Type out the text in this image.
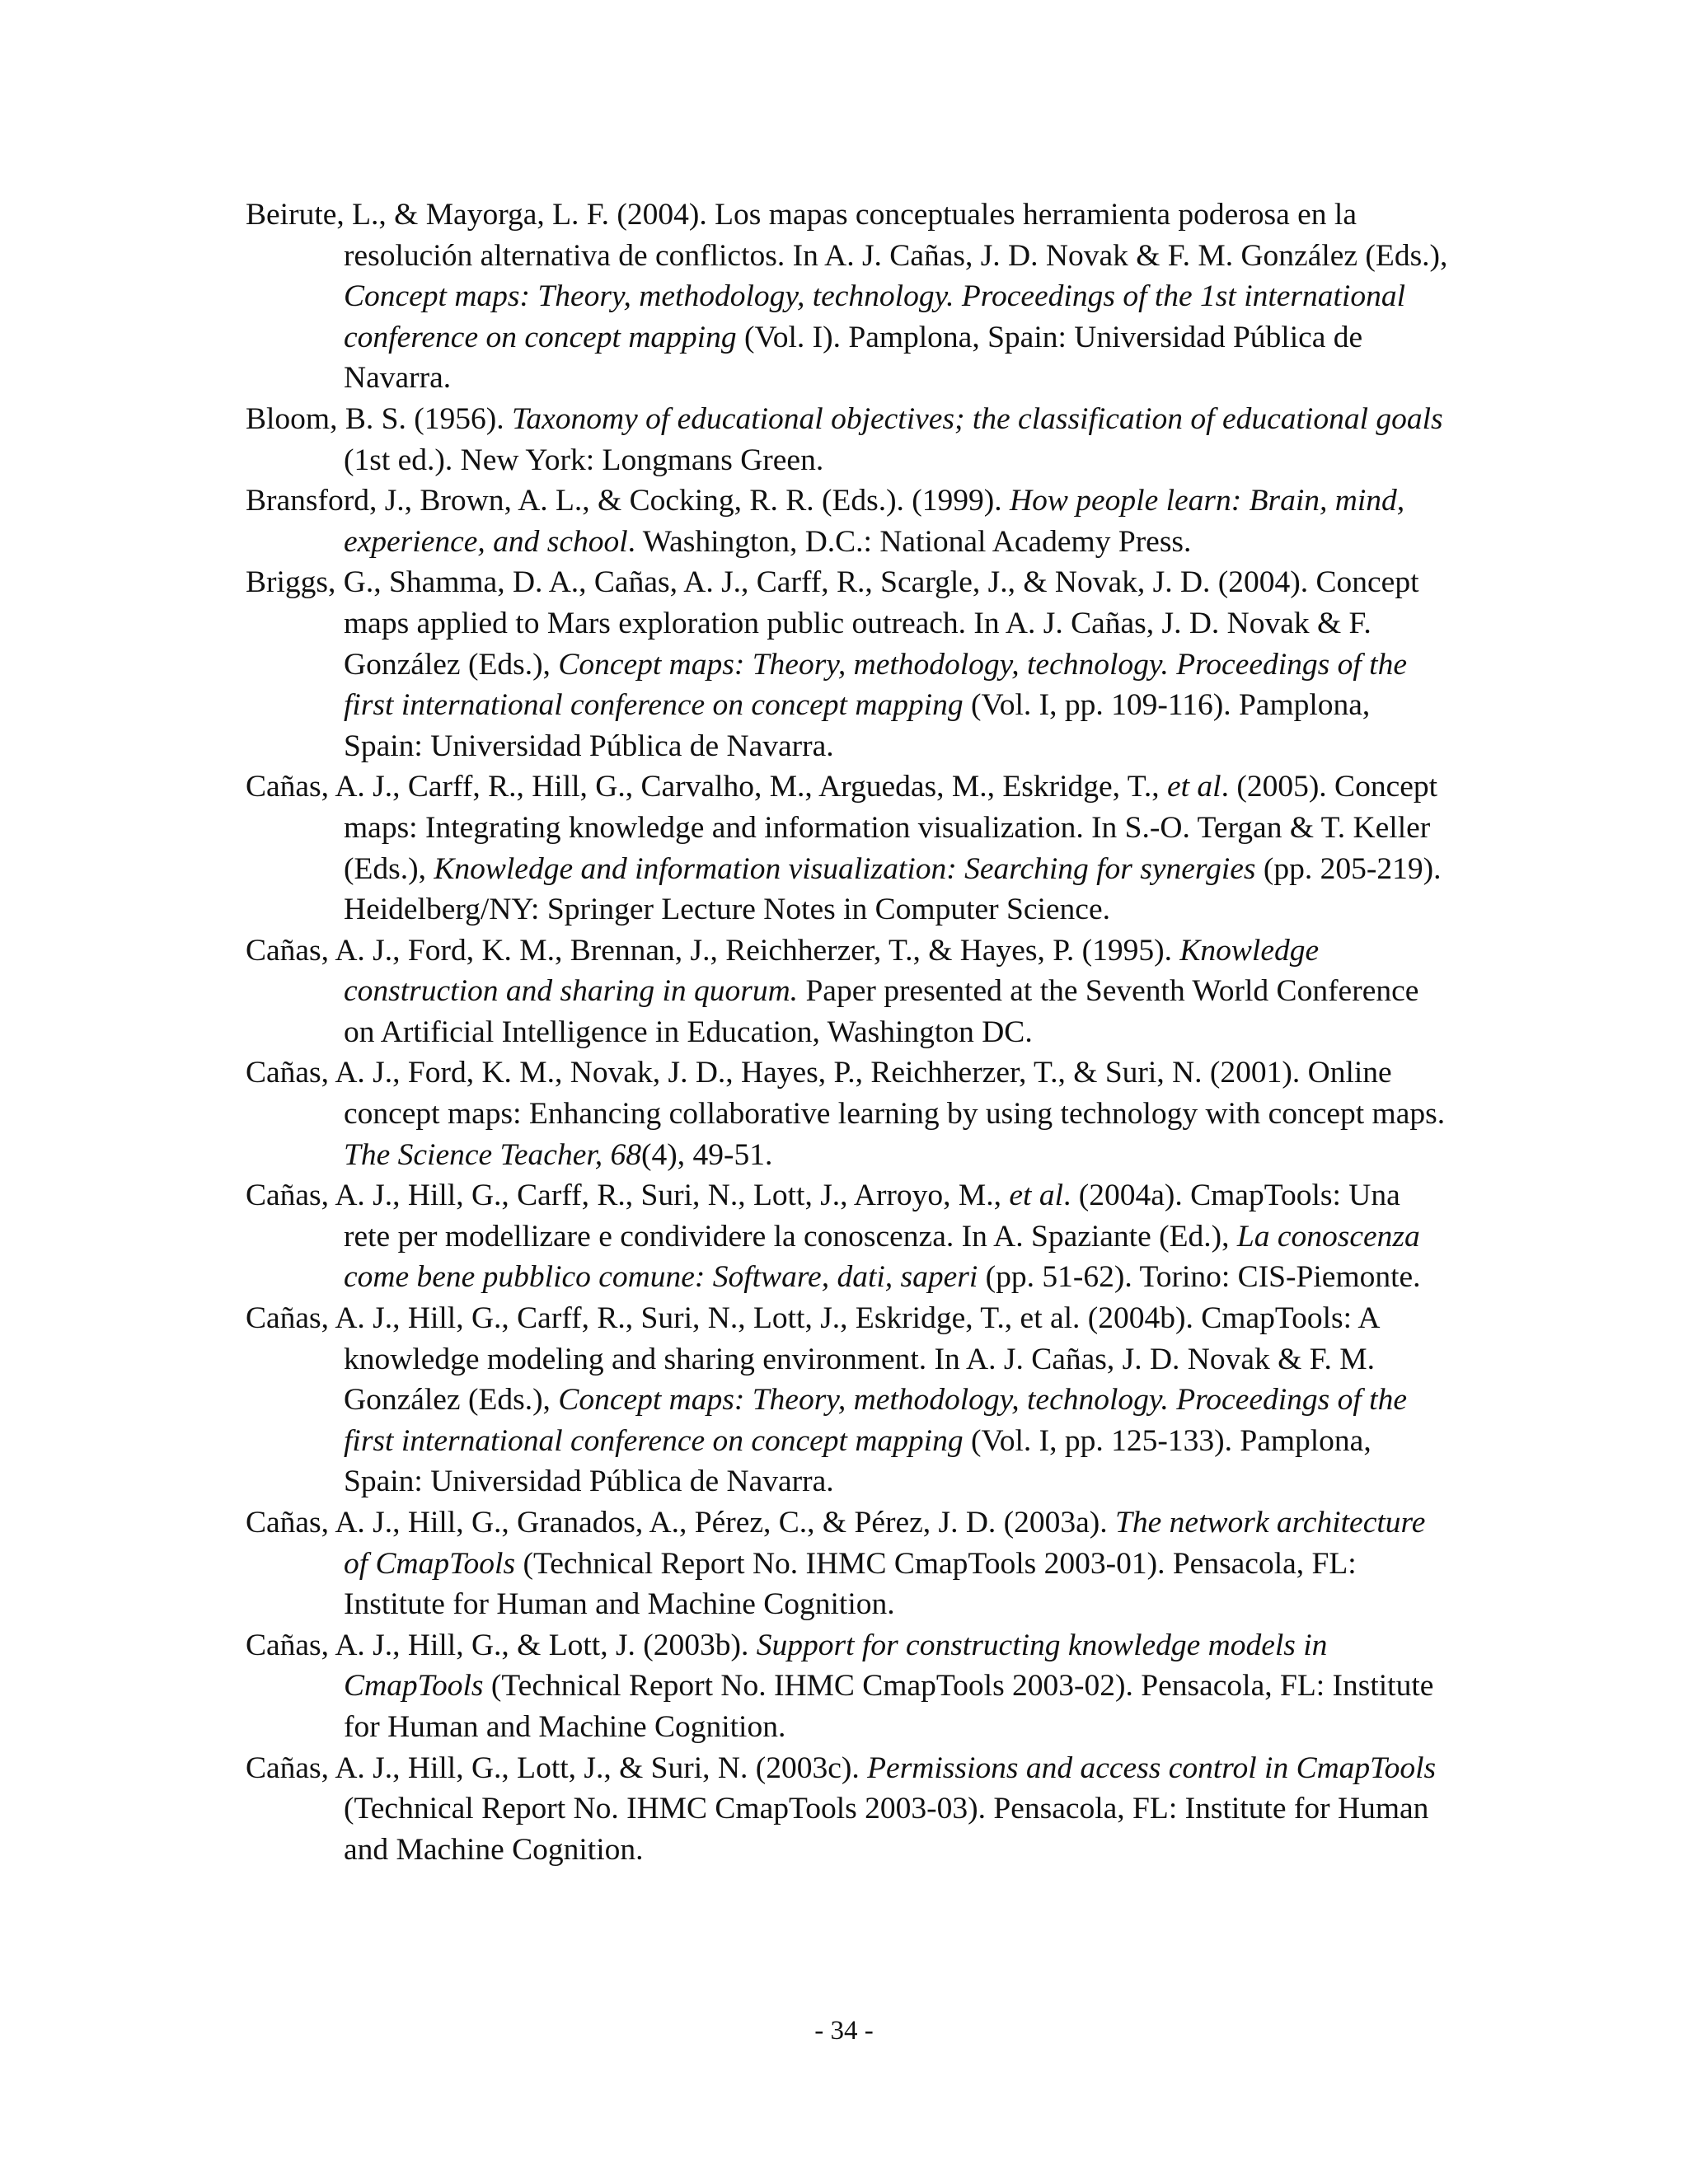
Beirute, L., & Mayorga, L. F. (2004). Los mapas conceptuales herramienta poderosa en la resolución alternativa de conflictos. In A. J. Cañas, J. D. Novak & F. M. González (Eds.), Concept maps: Theory, methodology, technology. Proceedings of the 1st international conference on concept mapping (Vol. I). Pamplona, Spain: Universidad Pública de Navarra.
Bloom, B. S. (1956). Taxonomy of educational objectives; the classification of educational goals (1st ed.). New York: Longmans Green.
Bransford, J., Brown, A. L., & Cocking, R. R. (Eds.). (1999). How people learn: Brain, mind, experience, and school. Washington, D.C.: National Academy Press.
Briggs, G., Shamma, D. A., Cañas, A. J., Carff, R., Scargle, J., & Novak, J. D. (2004). Concept maps applied to Mars exploration public outreach. In A. J. Cañas, J. D. Novak & F. González (Eds.), Concept maps: Theory, methodology, technology. Proceedings of the first international conference on concept mapping (Vol. I, pp. 109-116). Pamplona, Spain: Universidad Pública de Navarra.
Cañas, A. J., Carff, R., Hill, G., Carvalho, M., Arguedas, M., Eskridge, T., et al. (2005). Concept maps: Integrating knowledge and information visualization. In S.-O. Tergan & T. Keller (Eds.), Knowledge and information visualization: Searching for synergies (pp. 205-219). Heidelberg/NY: Springer Lecture Notes in Computer Science.
Cañas, A. J., Ford, K. M., Brennan, J., Reichherzer, T., & Hayes, P. (1995). Knowledge construction and sharing in quorum. Paper presented at the Seventh World Conference on Artificial Intelligence in Education, Washington DC.
Cañas, A. J., Ford, K. M., Novak, J. D., Hayes, P., Reichherzer, T., & Suri, N. (2001). Online concept maps: Enhancing collaborative learning by using technology with concept maps. The Science Teacher, 68(4), 49-51.
Cañas, A. J., Hill, G., Carff, R., Suri, N., Lott, J., Arroyo, M., et al. (2004a). CmapTools: Una rete per modellizare e condividere la conoscenza. In A. Spaziante (Ed.), La conoscenza come bene pubblico comune: Software, dati, saperi (pp. 51-62). Torino: CIS-Piemonte.
Cañas, A. J., Hill, G., Carff, R., Suri, N., Lott, J., Eskridge, T., et al. (2004b). CmapTools: A knowledge modeling and sharing environment. In A. J. Cañas, J. D. Novak & F. M. González (Eds.), Concept maps: Theory, methodology, technology. Proceedings of the first international conference on concept mapping (Vol. I, pp. 125-133). Pamplona, Spain: Universidad Pública de Navarra.
Cañas, A. J., Hill, G., Granados, A., Pérez, C., & Pérez, J. D. (2003a). The network architecture of CmapTools (Technical Report No. IHMC CmapTools 2003-01). Pensacola, FL: Institute for Human and Machine Cognition.
Cañas, A. J., Hill, G., & Lott, J. (2003b). Support for constructing knowledge models in CmapTools (Technical Report No. IHMC CmapTools 2003-02). Pensacola, FL: Institute for Human and Machine Cognition.
Cañas, A. J., Hill, G., Lott, J., & Suri, N. (2003c). Permissions and access control in CmapTools (Technical Report No. IHMC CmapTools 2003-03). Pensacola, FL: Institute for Human and Machine Cognition.
- 34 -
